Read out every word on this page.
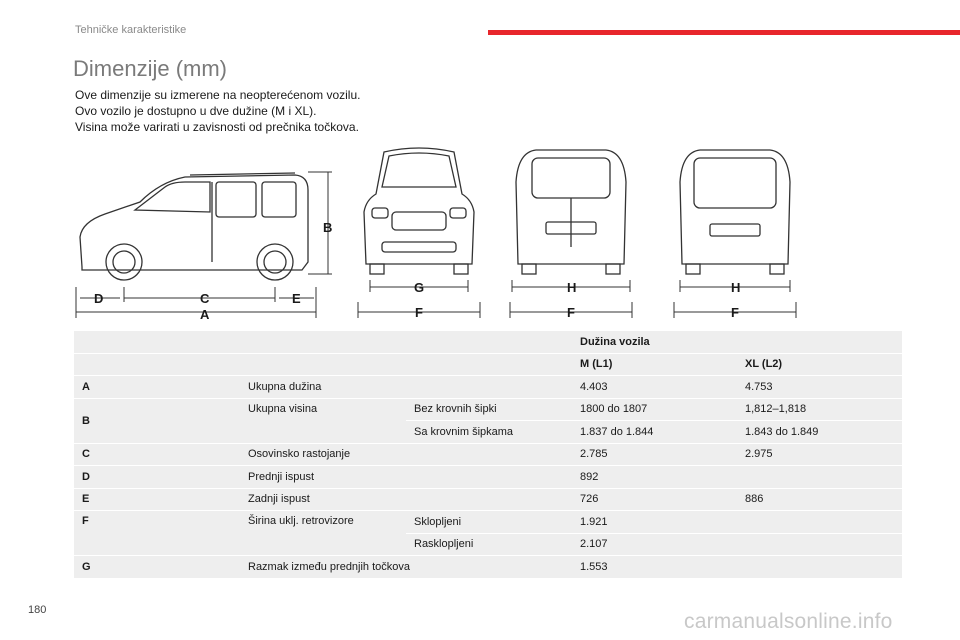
Tehničke karakteristike
Dimenzije (mm)
Ove dimenzije su izmerene na neopterećenom vozilu.
Ovo vozilo je dostupno u dve dužine (M i XL).
Visina može varirati u zavisnosti od prečnika točkova.
B
D	C	E
A
G
F
H
F
H
F
			Dužina vozila	
			M (L1)	XL (L2)
A	Ukupna dužina		4.403	4.753
B	Ukupna visina	Bez krovnih šipki	1800 do 1807	1,812–1,818
		Sa krovnim šipkama	1.837 do 1.844	1.843 do 1.849
C	Osovinsko rastojanje		2.785	2.975
D	Prednji ispust		892	
E	Zadnji ispust		726	886
F	Širina uklj. retrovizore	Sklopljeni	1.921	
		Rasklopljeni	2.107	
G	Razmak između prednjih točkova		1.553	
180	carmanualsonline.info
